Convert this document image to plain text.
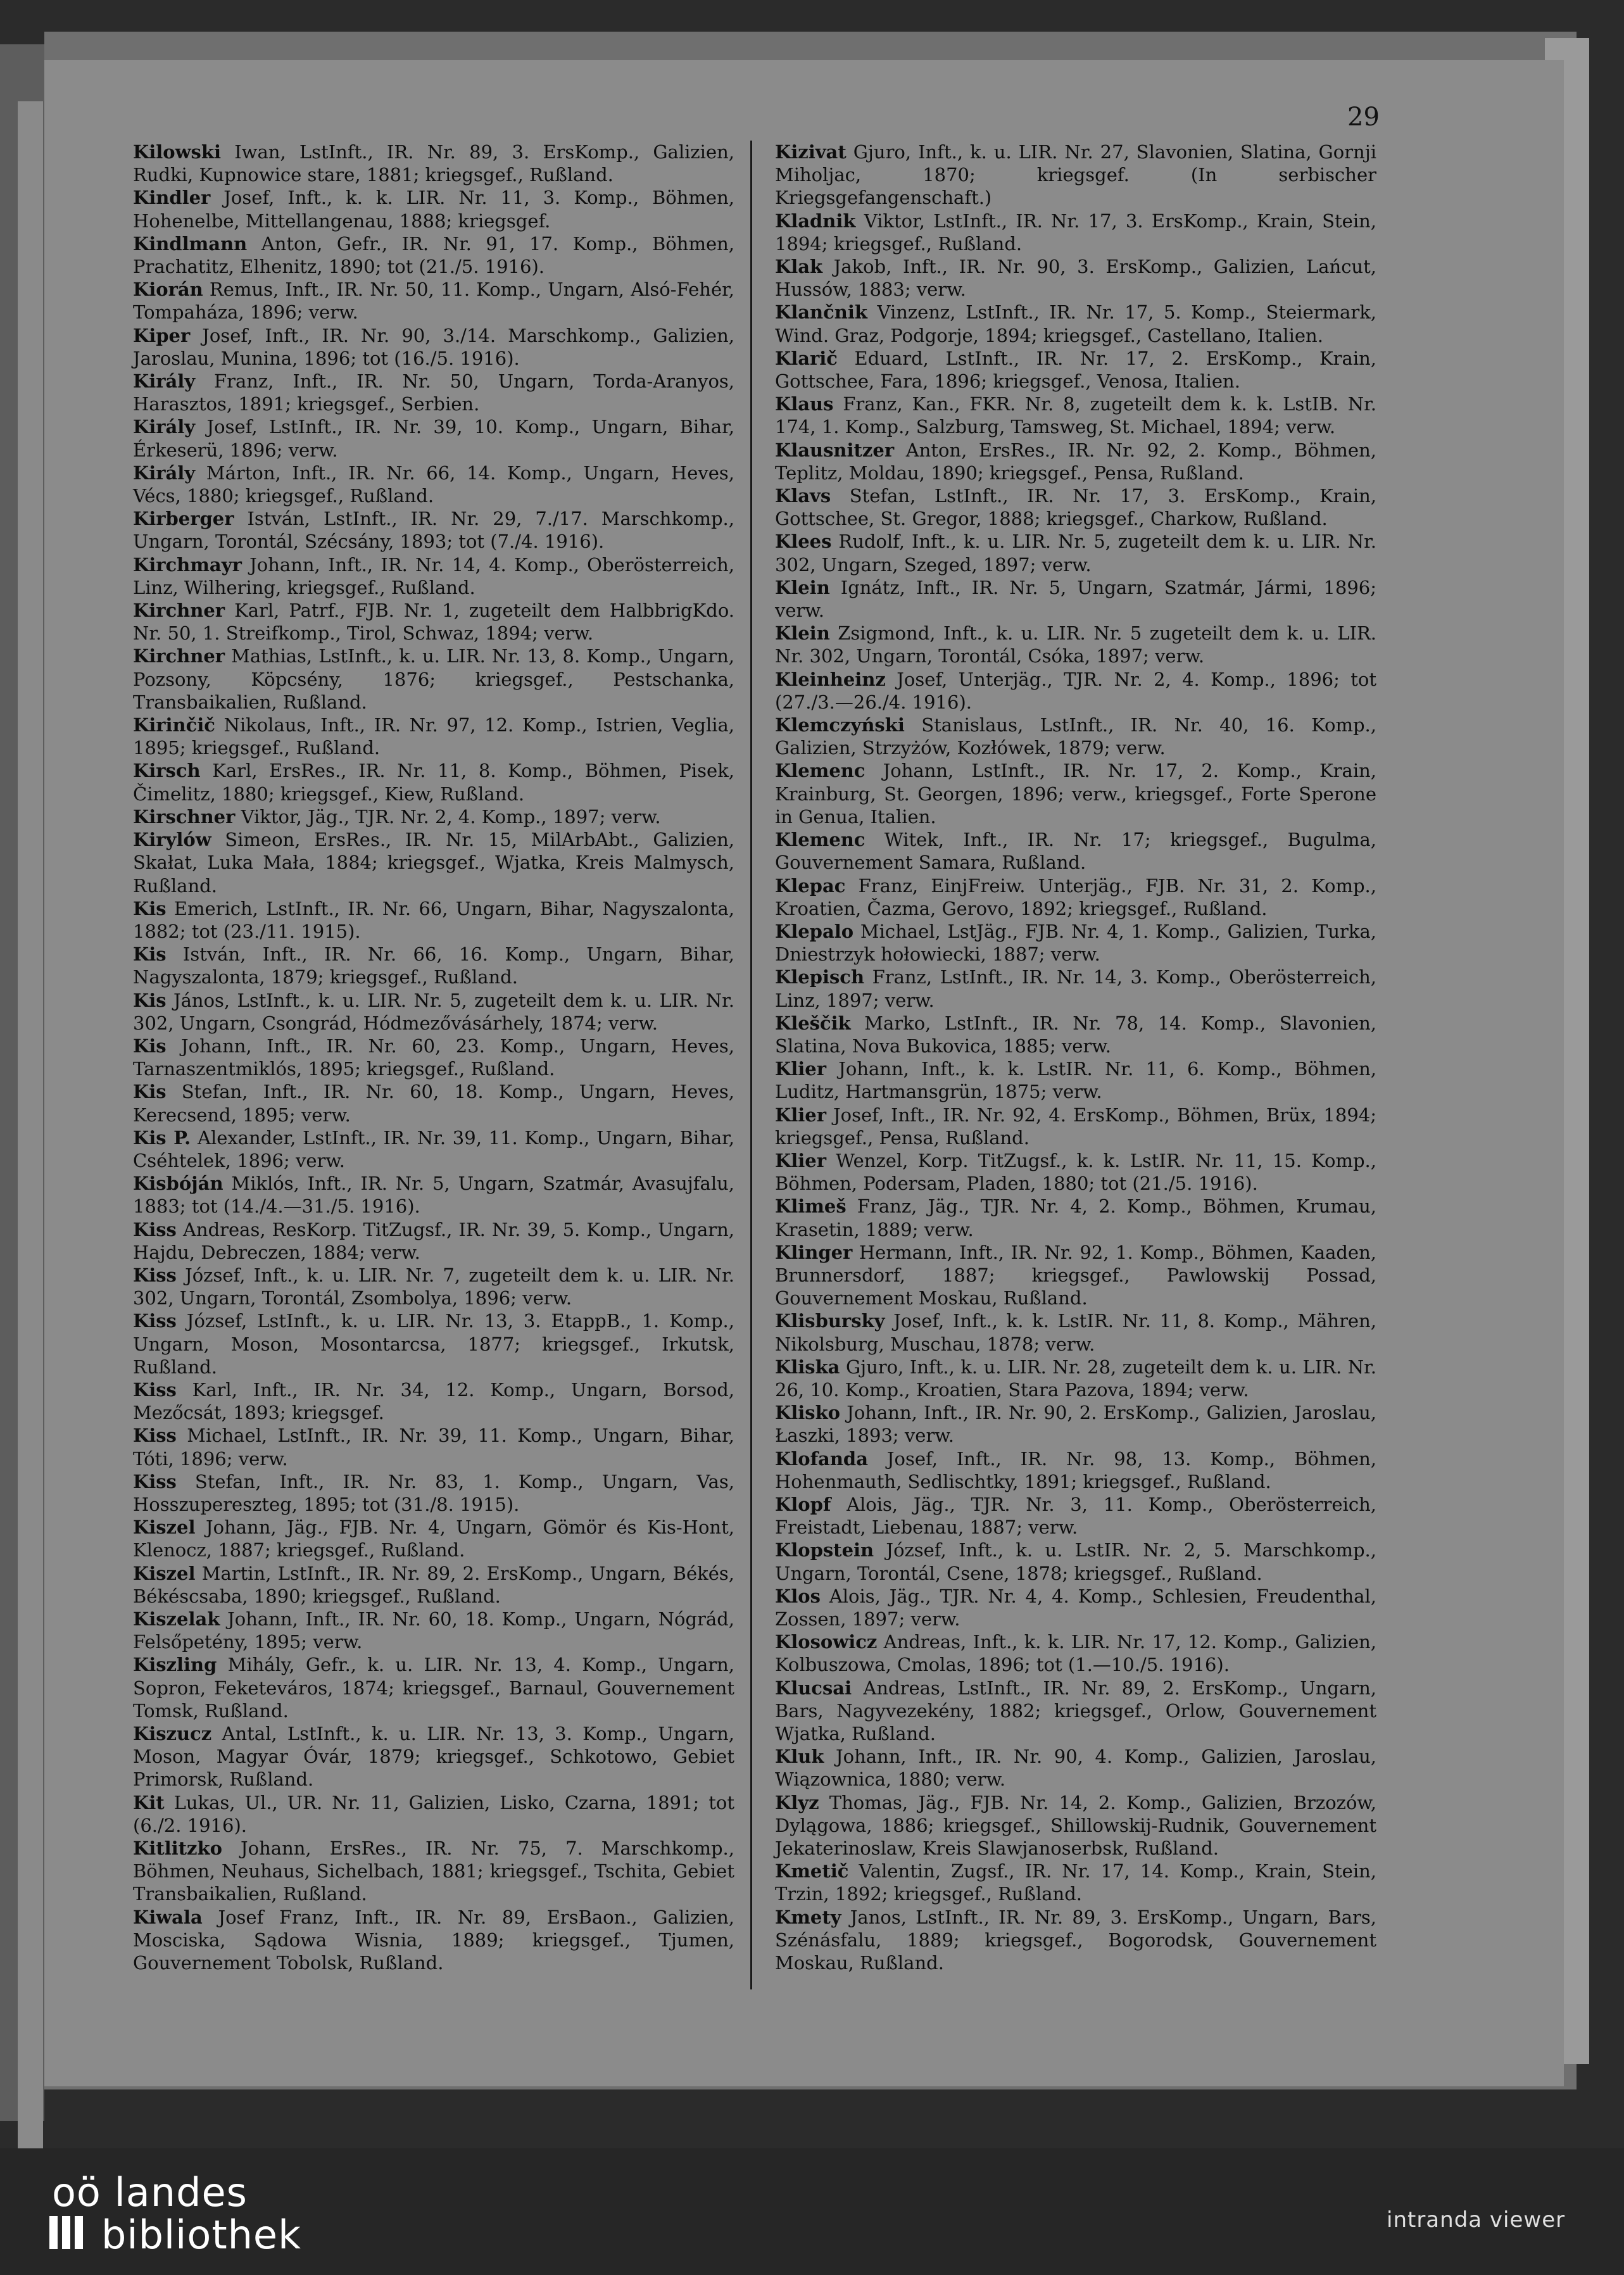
29

Kilowski Iwan, LstInft., IR. Nr. 89, 3. ErsKomp., Galizien, Rudki, Kupnowice stare, 1881; kriegsgef., Rußland.

Kindler Josef, Inft., k. k. LIR. Nr. 11, 3. Komp., Böhmen, Hohenelbe, Mittellangenau, 1888; kriegsgef.

Kindlmann Anton, Gefr., IR. Nr. 91, 17. Komp., Böhmen, Prachatitz, Elhenitz, 1890; tot (21./5. 1916).

Kiorán Remus, Inft., IR. Nr. 50, 11. Komp., Ungarn, Alsó-Fehér, Tompaháza, 1896; verw.

Kiper Josef, Inft., IR. Nr. 90, 3./14. Marschkomp., Galizien, Jaroslau, Munina, 1896; tot (16./5. 1916).

Király Franz, Inft., IR. Nr. 50, Ungarn, Torda-Aranyos, Harasztos, 1891; kriegsgef., Serbien.

Király Josef, LstInft., IR. Nr. 39, 10. Komp., Ungarn, Bihar, Érkeserü, 1896; verw.

Király Márton, Inft., IR. Nr. 66, 14. Komp., Ungarn, Heves, Vécs, 1880; kriegsgef., Rußland.

Kirberger István, LstInft., IR. Nr. 29, 7./17. Marschkomp., Ungarn, Torontál, Szécsány, 1893; tot (7./4. 1916).

Kirchmayr Johann, Inft., IR. Nr. 14, 4. Komp., Oberösterreich, Linz, Wilhering, kriegsgef., Rußland.

Kirchner Karl, Patrf., FJB. Nr. 1, zugeteilt dem HalbbrigKdo. Nr. 50, 1. Streifkomp., Tirol, Schwaz, 1894; verw.

Kirchner Mathias, LstInft., k. u. LIR. Nr. 13, 8. Komp., Ungarn, Pozsony, Köpcsény, 1876; kriegsgef., Pestschanka, Transbaikalien, Rußland.

Kirinčič Nikolaus, Inft., IR. Nr. 97, 12. Komp., Istrien, Veglia, 1895; kriegsgef., Rußland.

Kirsch Karl, ErsRes., IR. Nr. 11, 8. Komp., Böhmen, Pisek, Čimelitz, 1880; kriegsgef., Kiew, Rußland.

Kirschner Viktor, Jäg., TJR. Nr. 2, 4. Komp., 1897; verw.

Kirylów Simeon, ErsRes., IR. Nr. 15, MilArbAbt., Galizien, Skałat, Luka Mała, 1884; kriegsgef., Wjatka, Kreis Malmysch, Rußland.

Kis Emerich, LstInft., IR. Nr. 66, Ungarn, Bihar, Nagyszalonta, 1882; tot (23./11. 1915).

Kis István, Inft., IR. Nr. 66, 16. Komp., Ungarn, Bihar, Nagyszalonta, 1879; kriegsgef., Rußland.

Kis János, LstInft., k. u. LIR. Nr. 5, zugeteilt dem k. u. LIR. Nr. 302, Ungarn, Csongrád, Hódmezővásárhely, 1874; verw.

Kis Johann, Inft., IR. Nr. 60, 23. Komp., Ungarn, Heves, Tarnaszentmiklós, 1895; kriegsgef., Rußland.

Kis Stefan, Inft., IR. Nr. 60, 18. Komp., Ungarn, Heves, Kerecsend, 1895; verw.

Kis P. Alexander, LstInft., IR. Nr. 39, 11. Komp., Ungarn, Bihar, Cséhtelek, 1896; verw.

Kisbóján Miklós, Inft., IR. Nr. 5, Ungarn, Szatmár, Avasujfalu, 1883; tot (14./4.—31./5. 1916).

Kiss Andreas, ResKorp. TitZugsf., IR. Nr. 39, 5. Komp., Ungarn, Hajdu, Debreczen, 1884; verw.

Kiss József, Inft., k. u. LIR. Nr. 7, zugeteilt dem k. u. LIR. Nr. 302, Ungarn, Torontál, Zsombolya, 1896; verw.

Kiss József, LstInft., k. u. LIR. Nr. 13, 3. EtappB., 1. Komp., Ungarn, Moson, Mosontarcsa, 1877; kriegsgef., Irkutsk, Rußland.

Kiss Karl, Inft., IR. Nr. 34, 12. Komp., Ungarn, Borsod, Mezőcsát, 1893; kriegsgef.

Kiss Michael, LstInft., IR. Nr. 39, 11. Komp., Ungarn, Bihar, Tóti, 1896; verw.

Kiss Stefan, Inft., IR. Nr. 83, 1. Komp., Ungarn, Vas, Hosszupereszteg, 1895; tot (31./8. 1915).

Kiszel Johann, Jäg., FJB. Nr. 4, Ungarn, Gömör és Kis-Hont, Klenocz, 1887; kriegsgef., Rußland.

Kiszel Martin, LstInft., IR. Nr. 89, 2. ErsKomp., Ungarn, Békés, Békéscsaba, 1890; kriegsgef., Rußland.

Kiszelak Johann, Inft., IR. Nr. 60, 18. Komp., Ungarn, Nógrád, Felsőpetény, 1895; verw.

Kiszling Mihály, Gefr., k. u. LIR. Nr. 13, 4. Komp., Ungarn, Sopron, Feketeváros, 1874; kriegsgef., Barnaul, Gouvernement Tomsk, Rußland.

Kiszucz Antal, LstInft., k. u. LIR. Nr. 13, 3. Komp., Ungarn, Moson, Magyar Óvár, 1879; kriegsgef., Schkotowo, Gebiet Primorsk, Rußland.

Kit Lukas, Ul., UR. Nr. 11, Galizien, Lisko, Czarna, 1891; tot (6./2. 1916).

Kitlitzko Johann, ErsRes., IR. Nr. 75, 7. Marschkomp., Böhmen, Neuhaus, Sichelbach, 1881; kriegsgef., Tschita, Gebiet Transbaikalien, Rußland.

Kiwala Josef Franz, Inft., IR. Nr. 89, ErsBaon., Galizien, Mosciska, Sądowa Wisnia, 1889; kriegsgef., Tjumen, Gouvernement Tobolsk, Rußland.

Kizivat Gjuro, Inft., k. u. LIR. Nr. 27, Slavonien, Slatina, Gornji Miholjac, 1870; kriegsgef. (In serbischer Kriegsgefangenschaft.)

Kladnik Viktor, LstInft., IR. Nr. 17, 3. ErsKomp., Krain, Stein, 1894; kriegsgef., Rußland.

Klak Jakob, Inft., IR. Nr. 90, 3. ErsKomp., Galizien, Lańcut, Hussów, 1883; verw.

Klančnik Vinzenz, LstInft., IR. Nr. 17, 5. Komp., Steiermark, Wind. Graz, Podgorje, 1894; kriegsgef., Castellano, Italien.

Klarič Eduard, LstInft., IR. Nr. 17, 2. ErsKomp., Krain, Gottschee, Fara, 1896; kriegsgef., Venosa, Italien.

Klaus Franz, Kan., FKR. Nr. 8, zugeteilt dem k. k. LstIB. Nr. 174, 1. Komp., Salzburg, Tamsweg, St. Michael, 1894; verw.

Klausnitzer Anton, ErsRes., IR. Nr. 92, 2. Komp., Böhmen, Teplitz, Moldau, 1890; kriegsgef., Pensa, Rußland.

Klavs Stefan, LstInft., IR. Nr. 17, 3. ErsKomp., Krain, Gottschee, St. Gregor, 1888; kriegsgef., Charkow, Rußland.

Klees Rudolf, Inft., k. u. LIR. Nr. 5, zugeteilt dem k. u. LIR. Nr. 302, Ungarn, Szeged, 1897; verw.

Klein Ignátz, Inft., IR. Nr. 5, Ungarn, Szatmár, Jármi, 1896; verw.

Klein Zsigmond, Inft., k. u. LIR. Nr. 5 zugeteilt dem k. u. LIR. Nr. 302, Ungarn, Torontál, Csóka, 1897; verw.

Kleinheinz Josef, Unterjäg., TJR. Nr. 2, 4. Komp., 1896; tot (27./3.—26./4. 1916).

Klemczyński Stanislaus, LstInft., IR. Nr. 40, 16. Komp., Galizien, Strzyżów, Kozłówek, 1879; verw.

Klemenc Johann, LstInft., IR. Nr. 17, 2. Komp., Krain, Krainburg, St. Georgen, 1896; verw., kriegsgef., Forte Sperone in Genua, Italien.

Klemenc Witek, Inft., IR. Nr. 17; kriegsgef., Bugulma, Gouvernement Samara, Rußland.

Klepac Franz, EinjFreiw. Unterjäg., FJB. Nr. 31, 2. Komp., Kroatien, Čazma, Gerovo, 1892; kriegsgef., Rußland.

Klepalo Michael, LstJäg., FJB. Nr. 4, 1. Komp., Galizien, Turka, Dniestrzyk hołowiecki, 1887; verw.

Klepisch Franz, LstInft., IR. Nr. 14, 3. Komp., Oberösterreich, Linz, 1897; verw.

Kleščik Marko, LstInft., IR. Nr. 78, 14. Komp., Slavonien, Slatina, Nova Bukovica, 1885; verw.

Klier Johann, Inft., k. k. LstIR. Nr. 11, 6. Komp., Böhmen, Luditz, Hartmansgrün, 1875; verw.

Klier Josef, Inft., IR. Nr. 92, 4. ErsKomp., Böhmen, Brüx, 1894; kriegsgef., Pensa, Rußland.

Klier Wenzel, Korp. TitZugsf., k. k. LstIR. Nr. 11, 15. Komp., Böhmen, Podersam, Pladen, 1880; tot (21./5. 1916).

Klimeš Franz, Jäg., TJR. Nr. 4, 2. Komp., Böhmen, Krumau, Krasetin, 1889; verw.

Klinger Hermann, Inft., IR. Nr. 92, 1. Komp., Böhmen, Kaaden, Brunnersdorf, 1887; kriegsgef., Pawlowskij Possad, Gouvernement Moskau, Rußland.

Klisbursky Josef, Inft., k. k. LstIR. Nr. 11, 8. Komp., Mähren, Nikolsburg, Muschau, 1878; verw.

Kliska Gjuro, Inft., k. u. LIR. Nr. 28, zugeteilt dem k. u. LIR. Nr. 26, 10. Komp., Kroatien, Stara Pazova, 1894; verw.

Klisko Johann, Inft., IR. Nr. 90, 2. ErsKomp., Galizien, Jaroslau, Łaszki, 1893; verw.

Klofanda Josef, Inft., IR. Nr. 98, 13. Komp., Böhmen, Hohenmauth, Sedlischtky, 1891; kriegsgef., Rußland.

Klopf Alois, Jäg., TJR. Nr. 3, 11. Komp., Oberösterreich, Freistadt, Liebenau, 1887; verw.

Klopstein József, Inft., k. u. LstIR. Nr. 2, 5. Marschkomp., Ungarn, Torontál, Csene, 1878; kriegsgef., Rußland.

Klos Alois, Jäg., TJR. Nr. 4, 4. Komp., Schlesien, Freudenthal, Zossen, 1897; verw.

Klosowicz Andreas, Inft., k. k. LIR. Nr. 17, 12. Komp., Galizien, Kolbuszowa, Cmolas, 1896; tot (1.—10./5. 1916).

Klucsai Andreas, LstInft., IR. Nr. 89, 2. ErsKomp., Ungarn, Bars, Nagyvezekény, 1882; kriegsgef., Orlow, Gouvernement Wjatka, Rußland.

Kluk Johann, Inft., IR. Nr. 90, 4. Komp., Galizien, Jaroslau, Wiązownica, 1880; verw.

Klyz Thomas, Jäg., FJB. Nr. 14, 2. Komp., Galizien, Brzozów, Dylągowa, 1886; kriegsgef., Shillowskij-Rudnik, Gouvernement Jekaterinoslaw, Kreis Slawjanoserbsk, Rußland.

Kmetič Valentin, Zugsf., IR. Nr. 17, 14. Komp., Krain, Stein, Trzin, 1892; kriegsgef., Rußland.

Kmety Janos, LstInft., IR. Nr. 89, 3. ErsKomp., Ungarn, Bars, Szénásfalu, 1889; kriegsgef., Bogorodsk, Gouvernement Moskau, Rußland.

oö landes
bibliothek	intranda viewer
